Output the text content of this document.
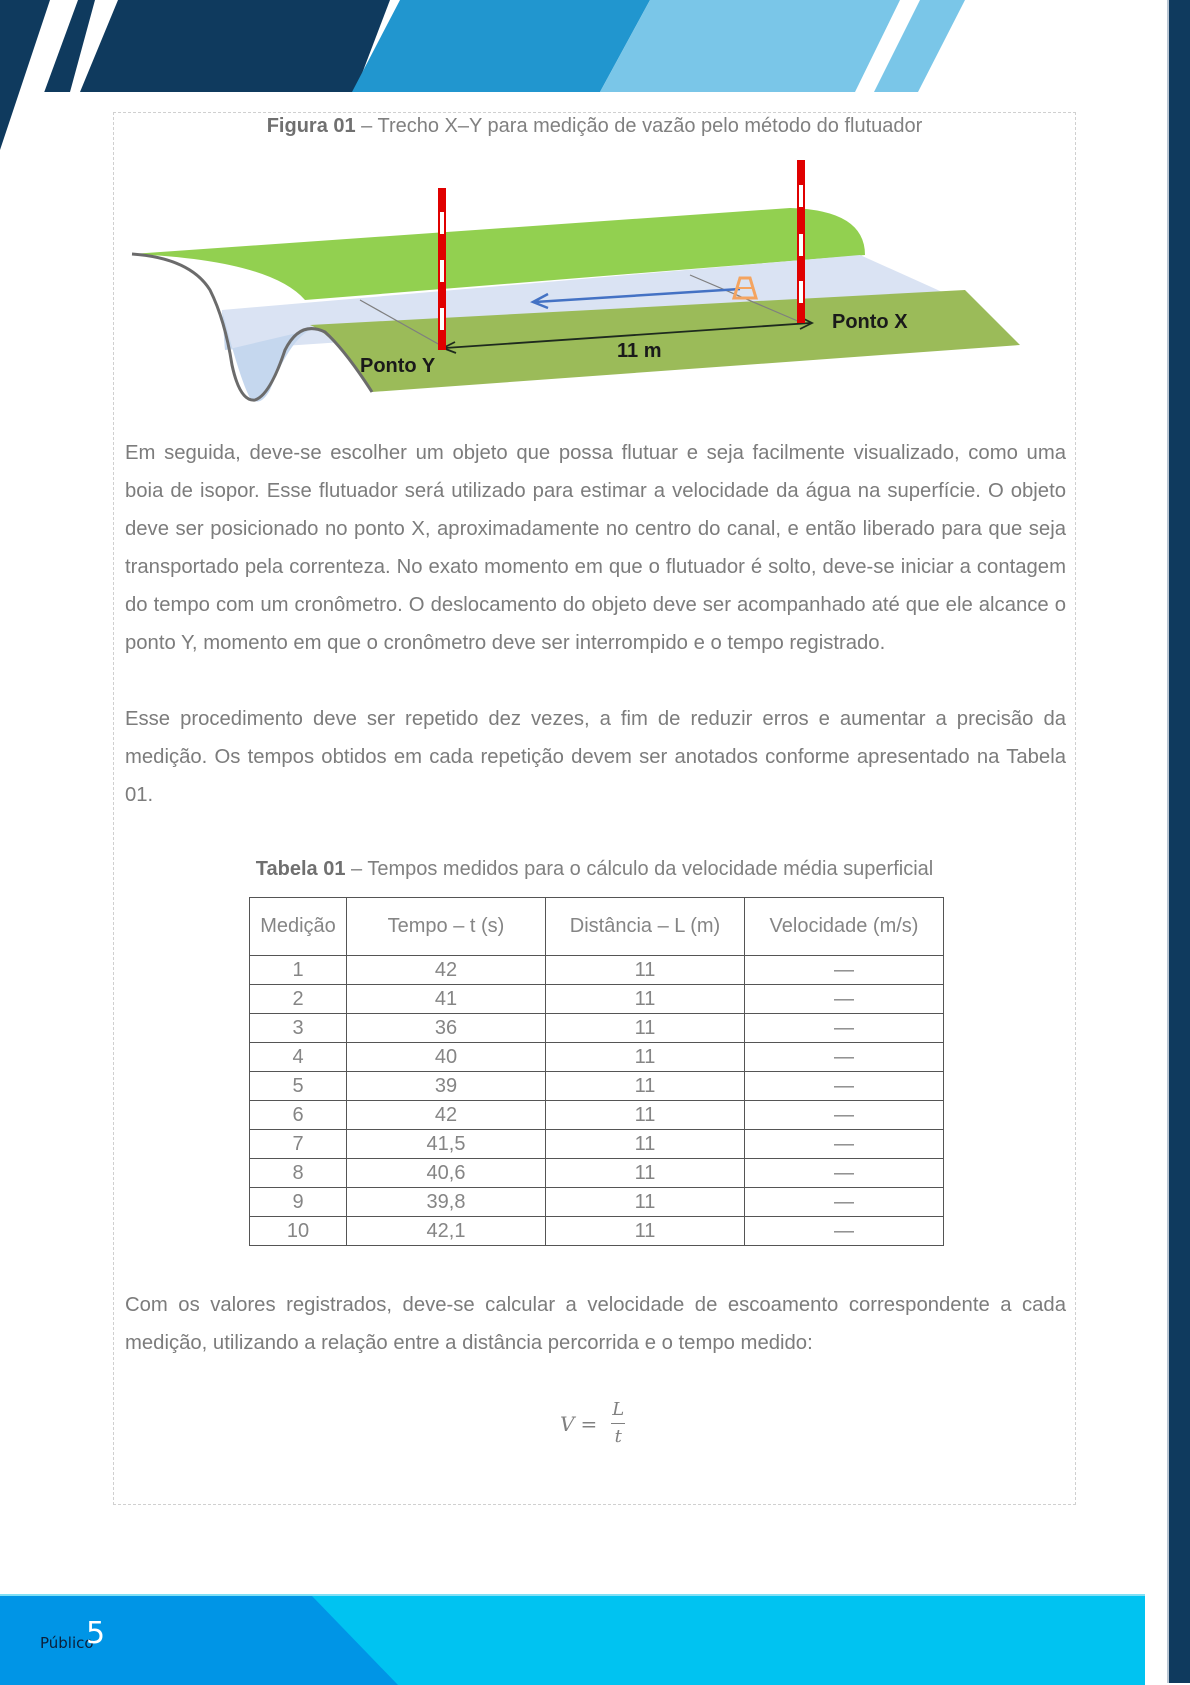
Figura 01 – Trecho X–Y para medição de vazão pelo método do flutuador
Ponto Y
Ponto X
11 m

Em seguida, deve-se escolher um objeto que possa flutuar e seja facilmente visualizado, como uma boia de isopor. Esse flutuador será utilizado para estimar a velocidade da água na superfície. O objeto deve ser posicionado no ponto X, aproximadamente no centro do canal, e então liberado para que seja transportado pela correnteza. No exato momento em que o flutuador é solto, deve-se iniciar a contagem do tempo com um cronômetro. O deslocamento do objeto deve ser acompanhado até que ele alcance o ponto Y, momento em que o cronômetro deve ser interrompido e o tempo registrado.

Esse procedimento deve ser repetido dez vezes, a fim de reduzir erros e aumentar a precisão da medição. Os tempos obtidos em cada repetição devem ser anotados conforme apresentado na Tabela 01.

Tabela 01 – Tempos medidos para o cálculo da velocidade média superficial
Medição	Tempo – t (s)	Distância – L (m)	Velocidade (m/s)
1	42	11	—
2	41	11	—
3	36	11	—
4	40	11	—
5	39	11	—
6	42	11	—
7	41,5	11	—
8	40,6	11	—
9	39,8	11	—
10	42,1	11	—

Com os valores registrados, deve-se calcular a velocidade de escoamento correspondente a cada medição, utilizando a relação entre a distância percorrida e o tempo medido:

$V = \frac{L}{t}$
Público
5
